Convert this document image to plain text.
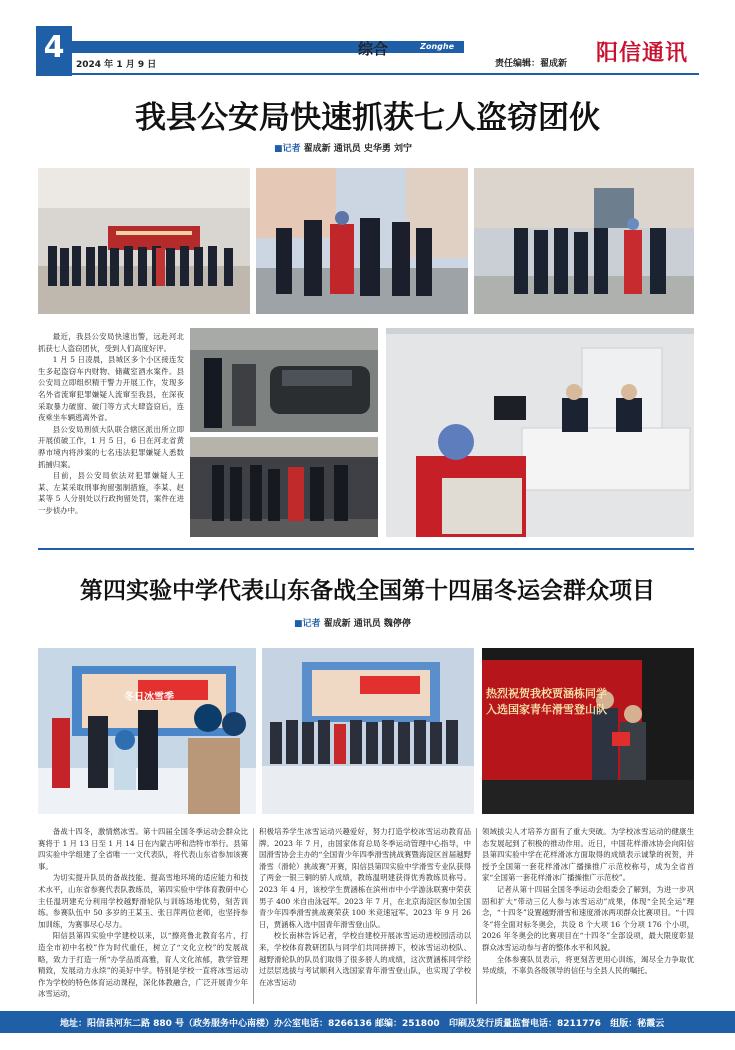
4	Zonghe
2024 年 1 月 9 日
综合
责任编辑：翟成新 阳信通讯
我县公安局快速抓获七人盗窃团伙
■记者 翟成新 通讯员 史华勇 刘宁

最近，我县公安局快速出警，远赴河北抓获七人盗窃团伙，受到人们高度好评。

1 月 5 日凌晨，县城区多个小区接连发生多起盗窃车内财物、储藏室酒水案件。县公安局立即组织精干警力开展工作，发现多名外省流窜犯罪嫌疑人流窜至我县，在深夜采取暴力破窗、破门等方式大肆盗窃后，连夜乘坐车辆逃离外省。

县公安局刑侦大队联合辖区派出所立即开展侦破工作，1 月 5 日，6 日在河北省黄骅市境内将涉案的七名违法犯罪嫌疑人悉数抓捕归案。

目前，县公安局依法对犯罪嫌疑人王某、左某采取刑事拘留强制措施，李某、赵某等 5 人分别处以行政拘留处罚，案件在进一步侦办中。

第四实验中学代表山东备战全国第十四届冬运会群众项目
■记者 翟成新 通讯员 魏停停
冬日冰雪季	热烈祝贺我校贾涵栋同学
入选国家青年滑雪登山队

备战十四冬，激情燃冰雪。第十四届全国冬季运动会群众比赛将于 1 月 13 日至 1 月 14 日在内蒙古呼和浩特市举行。县第四实验中学组建了全省唯一一文代表队，将代表山东省参加该赛事。

为切实提升队员的备战技能、提高雪地环境的适应能力和技术水平，山东省参赛代表队教练员，第四实验中学体育教研中心主任温玥建充分利用学校越野滑轮队与训练场地优势，刻苦训练。参赛队伍中 50 多岁的王某玉、张日萍两位老师，也坚持参加训练，为赛事尽心尽力。

阳信县第四实验中学建校以来，以“擦亮鲁北教育名片，打造全市初中名校”作为时代重任，树立了“文化立校”的发展战略，致力于打造一所“办学品质高雅，育人文化浓郁，教学管理精致，发展动力永续”的美好中学。特别是学校一直将冰雪运动作为学校的特色体育运动课程，深化体教融合，广泛开展青少年冰雪运动，

积极培养学生冰雪运动兴趣爱好，努力打造学校冰雪运动教育品牌。2023 年 7 月，由国家体育总局冬季运动管理中心指导，中国滑雪协会主办的“全国青少年四季滑雪挑战赛暨海淀区首届越野滑雪（滑轮）挑战赛”开赛，阳信县第四实验中学滑雪专业队获得了两金一银三铜的骄人成绩，教练温明建获得优秀教练员称号。2023 年 4 月，该校学生贾涵栋在滨州市中小学游泳联赛中荣获男子 400 米自由泳冠军。2023 年 7 月，在北京海淀区参加全国青少年四季滑雪挑战赛荣获 100 米竞速冠军。2023 年 9 月 26 日，贾涵栋入选中国青年滑雪登山队。

校长南林告诉记者，学校自建校开展冰雪运动进校园活动以来，学校体育教研团队与同学们共同拼搏下，校冰雪运动校队、越野滑轮队的队员们取得了很多骄人的成绩，这次贾涵栋同学经过层层选拔与考试顺利入选国家青年滑雪登山队，也实现了学校在冰雪运动

领域拔尖人才培养方面有了重大突破。为学校冰雪运动的健康生态发展起到了积极的推动作用。近日，中国花样滑冰协会向阳信县第四实验中学在花样滑冰方面取得的成绩表示诚挚的祝贺，并授予全国第一套花样滑冰广播操推广示范校称号，成为全省首家“全国第一套花样滑冰广播操推广示范校”。

记者从第十四届全国冬季运动会组委会了解到，为进一步巩固和扩大“带动三亿人参与冰雪运动”成果，体现“全民全运”理念，“十四冬”设置越野滑雪和速度滑冰两项群众比赛项目。“十四冬”将全面对标冬奥会，共设 8 个大项 16 个分项 176 个小项，2026 年冬奥会的比赛项目在“十四冬”全部设项，最大限度彰显群众冰雪运动参与者的整体水平和风貌。

全体参赛队员表示，将更刻苦更用心训练，竭尽全力争取优异成绩，不辜负各级领导的信任与全县人民的嘱托。

地址：阳信县河东二路 880 号（政务服务中心南楼）办公室电话：8266136 邮编：251800 印刷及发行质量监督电话：8211776 组版：秘霞云
